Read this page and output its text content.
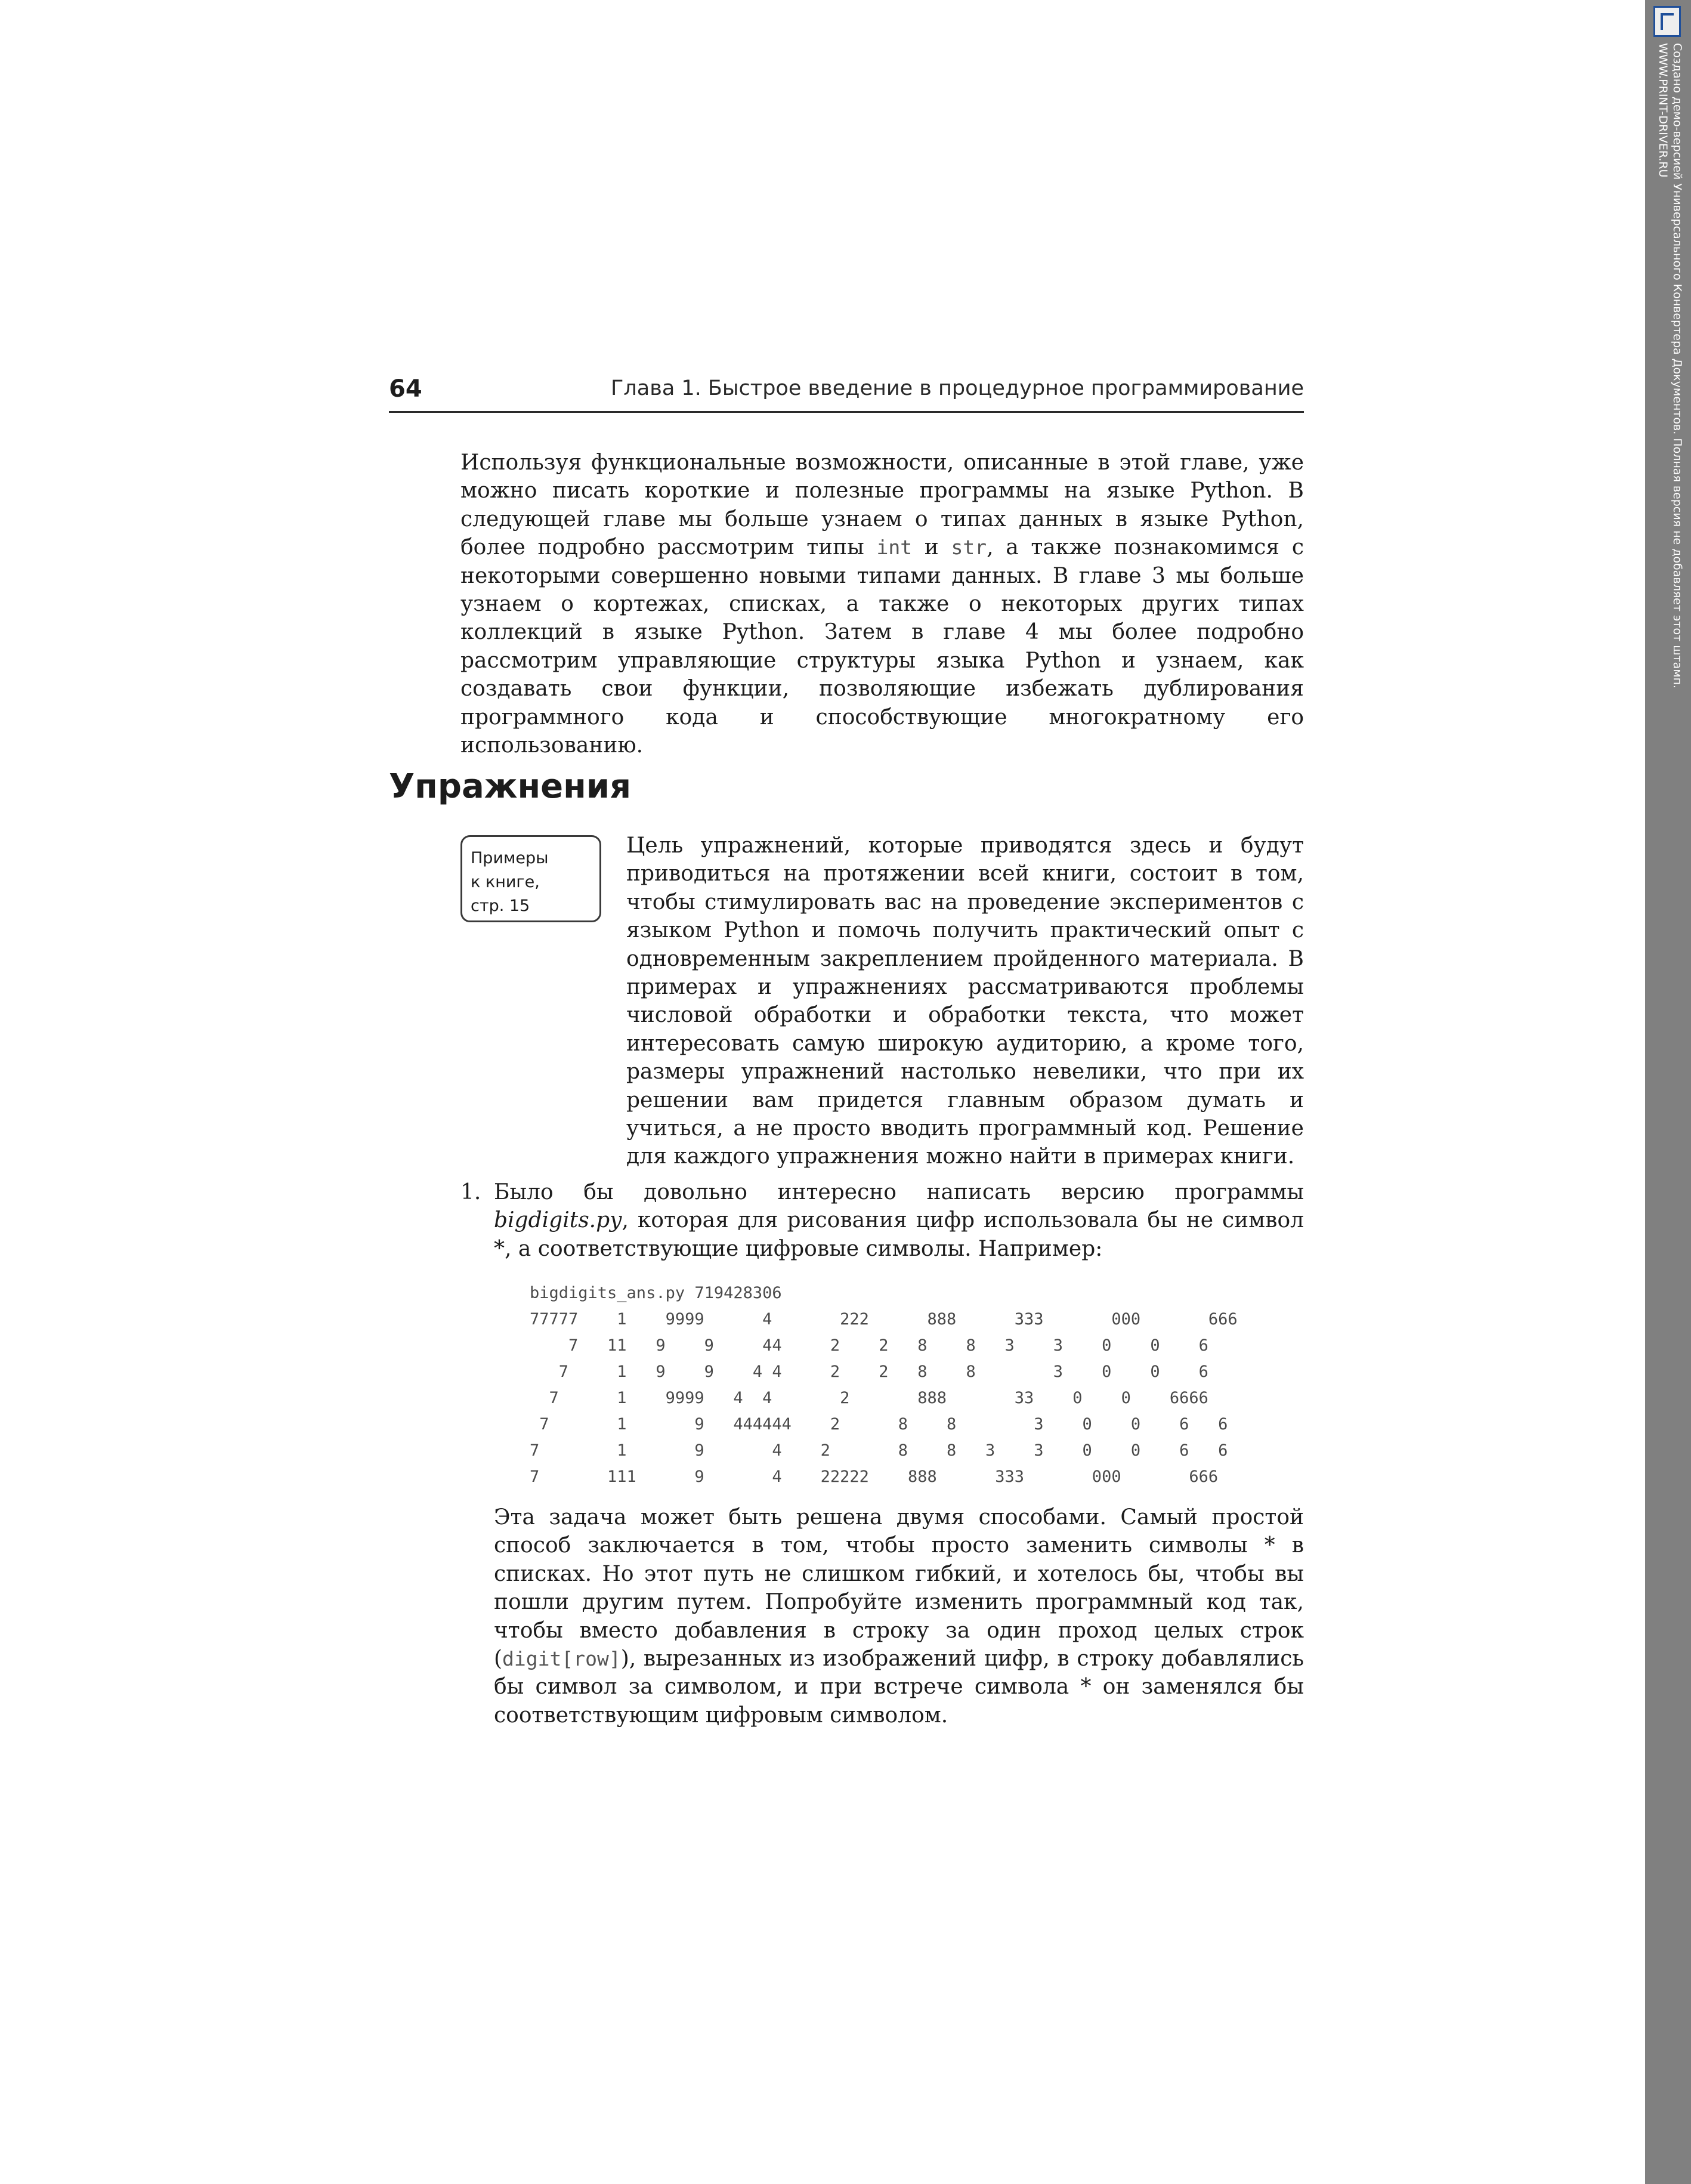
64	Глава 1. Быстрое введение в процедурное программирование

Используя функциональные возможности, описанные в этой главе, уже можно писать короткие и полезные программы на языке Python. В следующей главе мы больше узнаем о типах данных в языке Python, более подробно рассмотрим типы int и str, а также познакомимся с некоторыми совершенно новыми типами данных. В главе 3 мы больше узнаем о кортежах, списках, а также о некоторых других типах коллекций в языке Python. Затем в главе 4 мы более подробно рассмотрим управляющие структуры языка Python и узнаем, как создавать свои функции, позволяющие избежать дублирования программного кода и способствующие многократному его использованию.

Упражнения
Примеры
к книге,
стр. 15

Цель упражнений, которые приводятся здесь и будут приводиться на протяжении всей книги, состоит в том, чтобы стимулировать вас на проведение экспериментов с языком Python и помочь получить практический опыт с одновременным закреплением пройденного материала. В примерах и упражнениях рассматриваются проблемы числовой обработки и обработки текста, что может интересовать самую широкую аудиторию, а кроме того, размеры упражнений настолько невелики, что при их решении вам придется главным образом думать и учиться, а не просто вводить программный код. Решение для каждого упражнения можно найти в примерах книги.

1. Было бы довольно интересно написать версию программы bigdigits.py, которая для рисования цифр использовала бы не символ *, а соответствующие цифровые символы. Например:

bigdigits_ans.py 719428306
77777    1    9999      4       222      888      333       000       666
7   11   9    9     44     2    2   8    8   3    3    0    0    6
7     1   9    9    4 4     2    2   8    8        3    0    0    6
7      1    9999   4  4       2       888       33    0    0    6666
7       1       9   444444    2      8    8        3    0    0    6   6
7        1       9       4    2       8    8   3    3    0    0    6   6
7       111      9       4    22222    888      333       000       666

Эта задача может быть решена двумя способами. Самый простой способ заключается в том, чтобы просто заменить символы * в списках. Но этот путь не слишком гибкий, и хотелось бы, чтобы вы пошли другим путем. Попробуйте изменить программный код так, чтобы вместо добавления в строку за один проход целых строк (digit[row]), вырезанных из изображений цифр, в строку добавлялись бы символ за символом, и при встрече символа * он заменялся бы соответствующим цифровым символом.

Создано демо-версией Универсального Конвертера Документов. Полная версия не добавляет этот штамп.
WWW.PRINT-DRIVER.RU
